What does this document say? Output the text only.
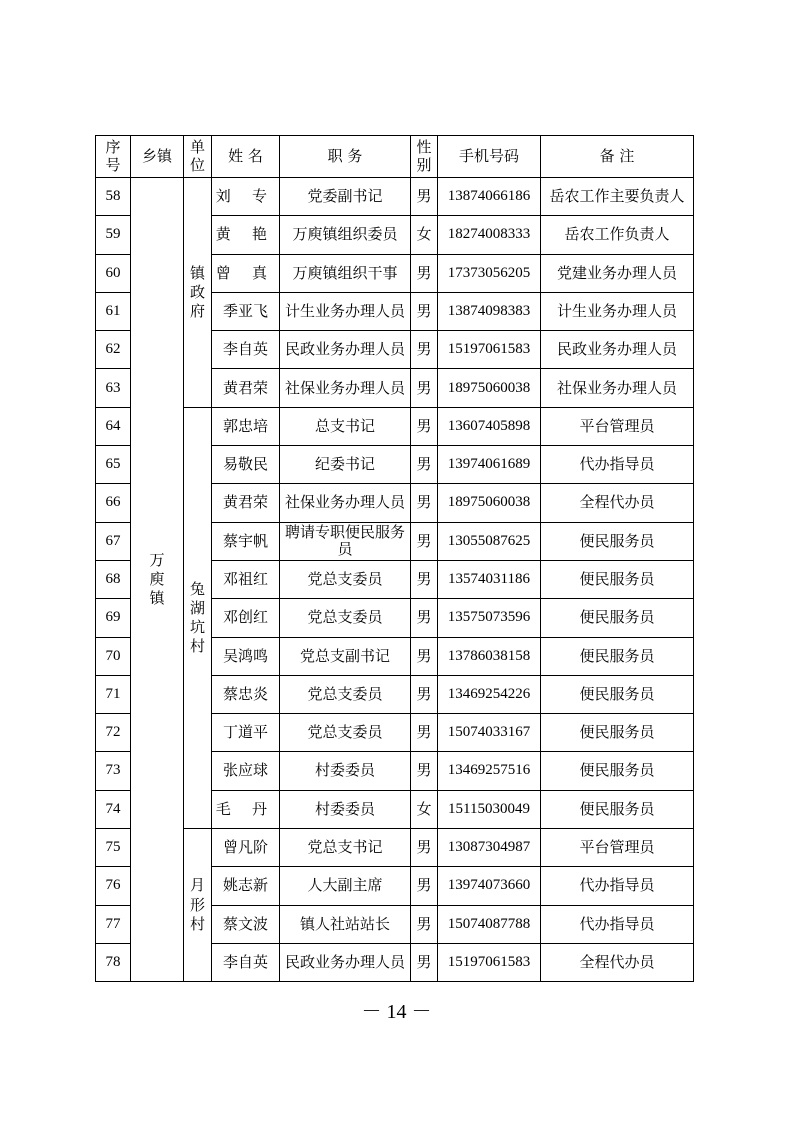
序号	乡镇	单位	姓 名	职 务	性别	手机号码	备 注
58	万庾镇	镇政府	刘 专	党委副书记	男	13874066186	岳农工作主要负责人
59			黄 艳	万庾镇组织委员	女	18274008333	岳农工作负责人
60			曾 真	万庾镇组织干事	男	17373056205	党建业务办理人员
61			季亚飞	计生业务办理人员	男	13874098383	计生业务办理人员
62			李自英	民政业务办理人员	男	15197061583	民政业务办理人员
63			黄君荣	社保业务办理人员	男	18975060038	社保业务办理人员
64		兔湖坑村	郭忠培	总支书记	男	13607405898	平台管理员
65			易敬民	纪委书记	男	13974061689	代办指导员
66			黄君荣	社保业务办理人员	男	18975060038	全程代办员
67			蔡宇帆	聘请专职便民服务员	男	13055087625	便民服务员
68			邓祖红	党总支委员	男	13574031186	便民服务员
69			邓创红	党总支委员	男	13575073596	便民服务员
70			吴鸿鸣	党总支副书记	男	13786038158	便民服务员
71			蔡忠炎	党总支委员	男	13469254226	便民服务员
72			丁道平	党总支委员	男	15074033167	便民服务员
73			张应球	村委委员	男	13469257516	便民服务员
74			毛 丹	村委委员	女	15115030049	便民服务员
75		月形村	曾凡阶	党总支书记	男	13087304987	平台管理员
76			姚志新	人大副主席	男	13974073660	代办指导员
77			蔡文波	镇人社站站长	男	15074087788	代办指导员
78			李自英	民政业务办理人员	男	15197061583	全程代办员
－ 14 －
